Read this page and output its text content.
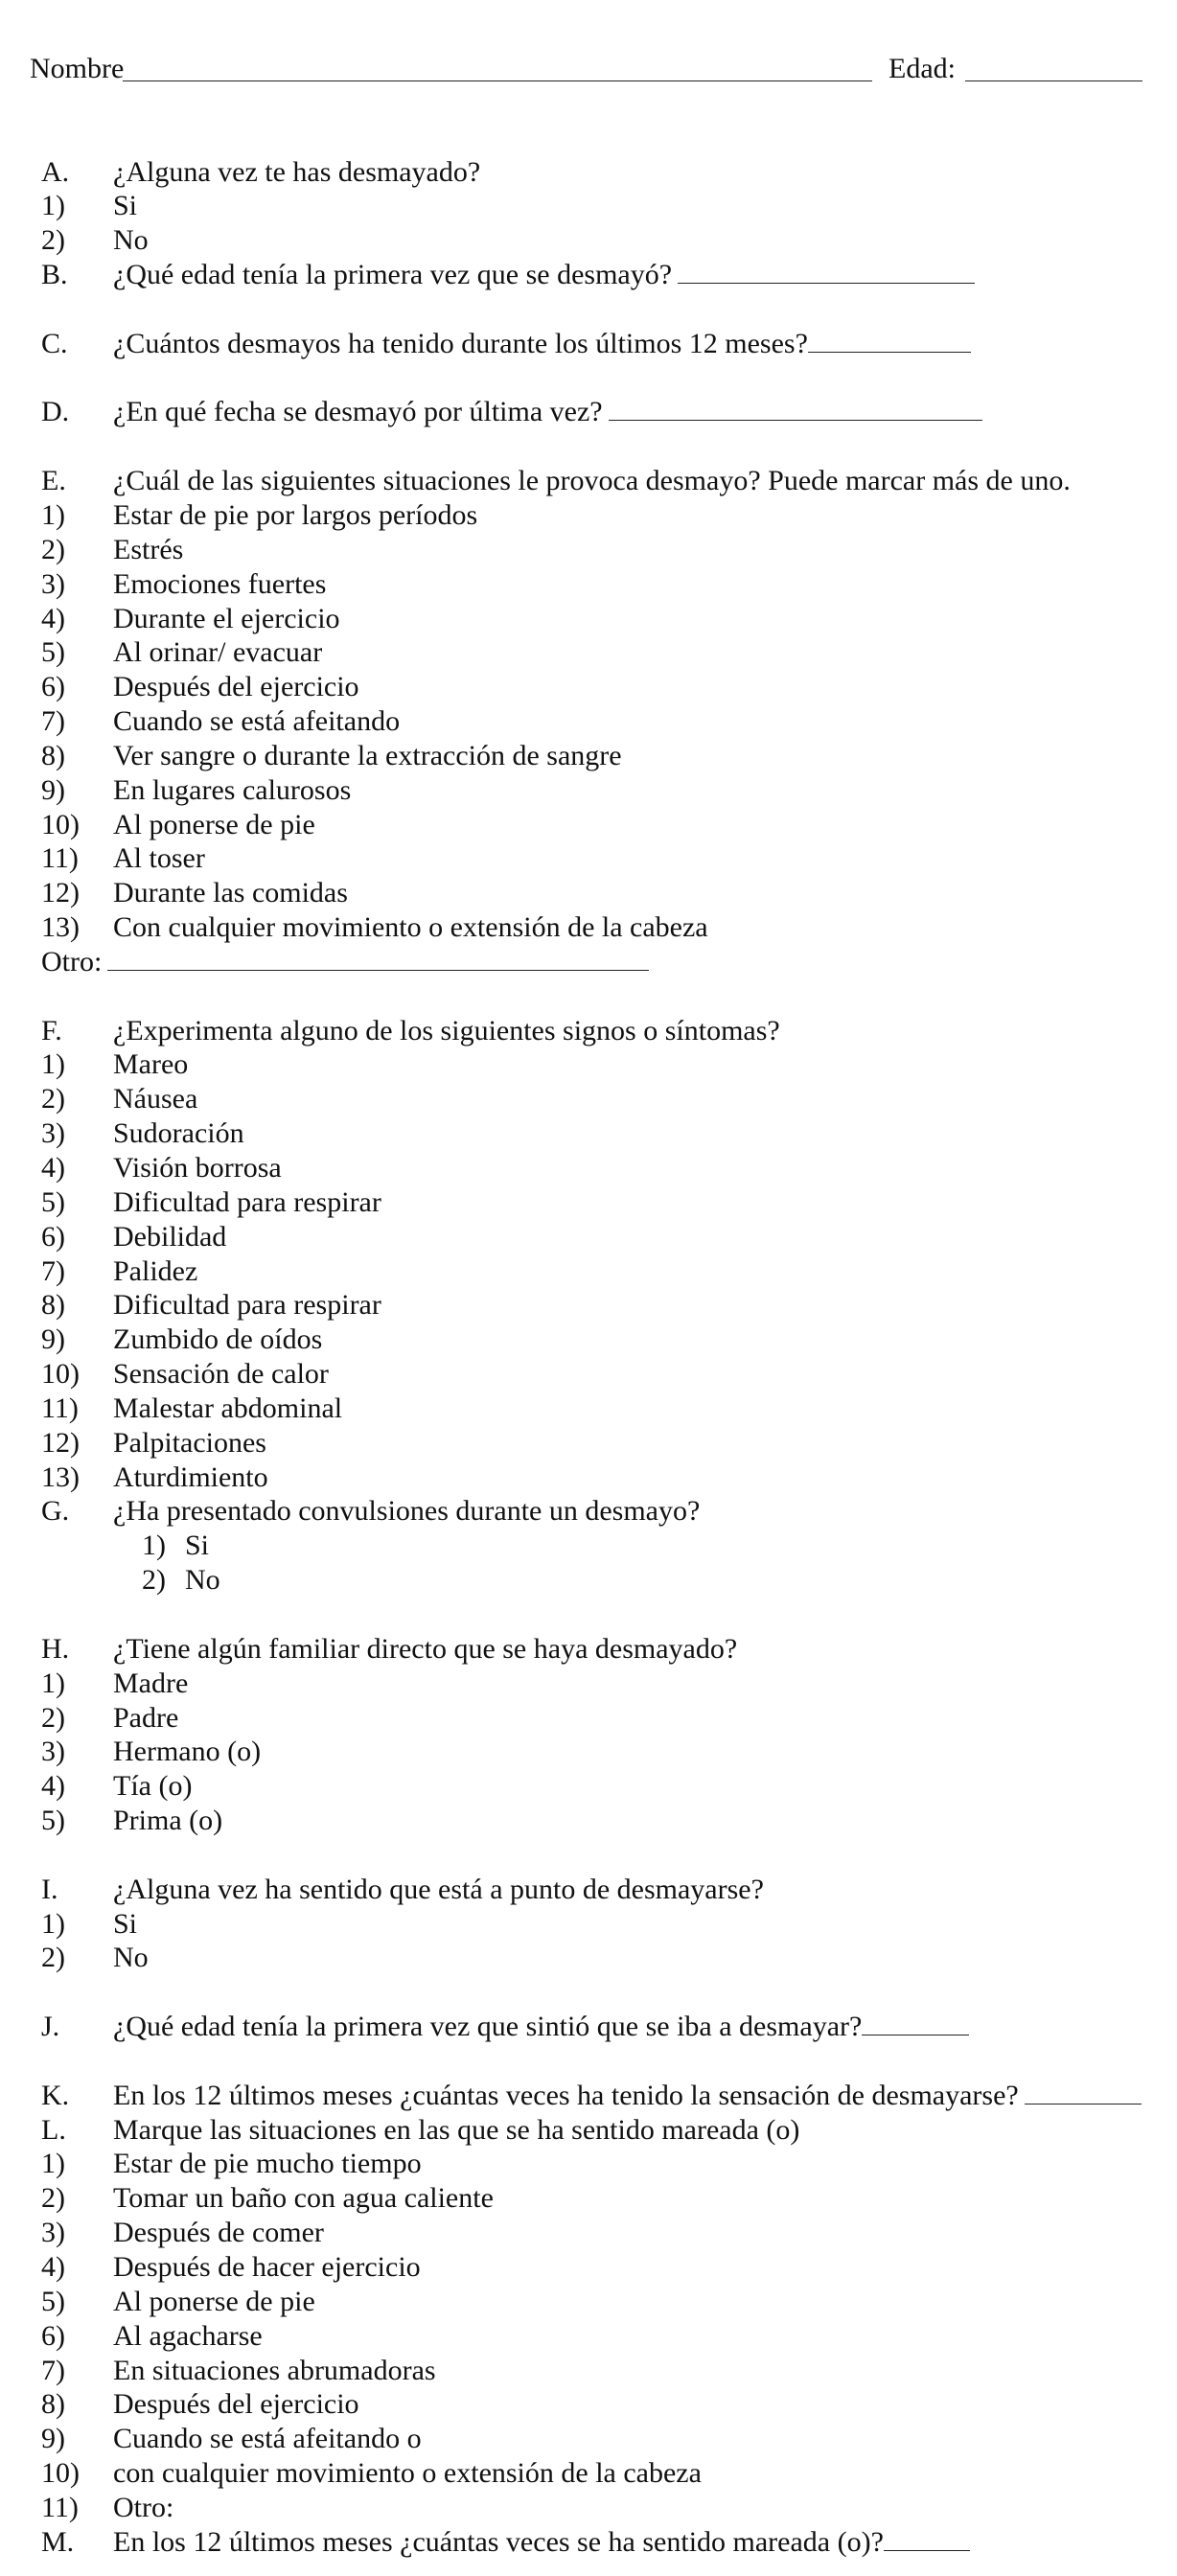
Nombre	Edad:
A. ¿Alguna vez te has desmayado?
1) Si
2) No
B. ¿Qué edad tenía la primera vez que se desmayó?
C. ¿Cuántos desmayos ha tenido durante los últimos 12 meses?
D. ¿En qué fecha se desmayó por última vez?
E. ¿Cuál de las siguientes situaciones le provoca desmayo? Puede marcar más de uno.
1) Estar de pie por largos períodos
2) Estrés
3) Emociones fuertes
4) Durante el ejercicio
5) Al orinar/ evacuar
6) Después del ejercicio
7) Cuando se está afeitando
8) Ver sangre o durante la extracción de sangre
9) En lugares calurosos
10) Al ponerse de pie
11) Al toser
12) Durante las comidas
13) Con cualquier movimiento o extensión de la cabeza
Otro:
F. ¿Experimenta alguno de los siguientes signos o síntomas?
1) Mareo
2) Náusea
3) Sudoración
4) Visión borrosa
5) Dificultad para respirar
6) Debilidad
7) Palidez
8) Dificultad para respirar
9) Zumbido de oídos
10) Sensación de calor
11) Malestar abdominal
12) Palpitaciones
13) Aturdimiento
G. ¿Ha presentado convulsiones durante un desmayo?
1) Si
2) No
H. ¿Tiene algún familiar directo que se haya desmayado?
1) Madre
2) Padre
3) Hermano (o)
4) Tía (o)
5) Prima (o)
I. ¿Alguna vez ha sentido que está a punto de desmayarse?
1) Si
2) No
J. ¿Qué edad tenía la primera vez que sintió que se iba a desmayar?
K. En los 12 últimos meses ¿cuántas veces ha tenido la sensación de desmayarse?
L. Marque las situaciones en las que se ha sentido mareada (o)
1) Estar de pie mucho tiempo
2) Tomar un baño con agua caliente
3) Después de comer
4) Después de hacer ejercicio
5) Al ponerse de pie
6) Al agacharse
7) En situaciones abrumadoras
8) Después del ejercicio
9) Cuando se está afeitando o
10) con cualquier movimiento o extensión de la cabeza
11) Otro:
M. En los 12 últimos meses ¿cuántas veces se ha sentido mareada (o)?
